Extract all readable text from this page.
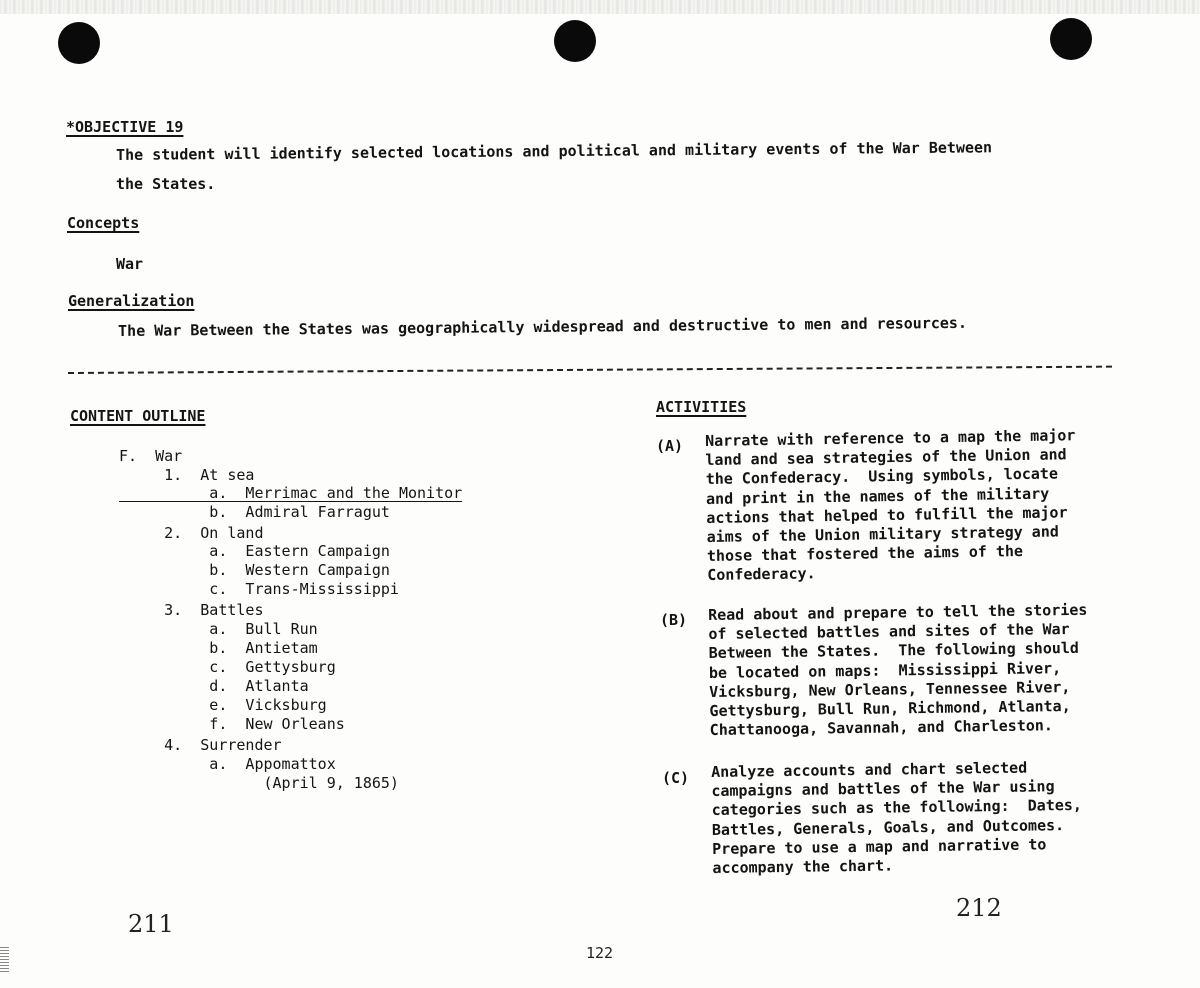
*OBJECTIVE 19
The student will identify selected locations and political and military events of the War Between
the States.
Concepts
War
Generalization
The War Between the States was geographically widespread and destructive to men and resources.
CONTENT OUTLINE
F.  War
1.  At sea
a.  Merrimac and the Monitor
b.  Admiral Farragut
2.  On land
a.  Eastern Campaign
b.  Western Campaign
c.  Trans-Mississippi
3.  Battles
a.  Bull Run
b.  Antietam
c.  Gettysburg
d.  Atlanta
e.  Vicksburg
f.  New Orleans
4.  Surrender
a.  Appomattox
(April 9, 1865)
ACTIVITIES
(A) Narrate with reference to a map the major
land and sea strategies of the Union and
the Confederacy.  Using symbols, locate
and print in the names of the military
actions that helped to fulfill the major
aims of the Union military strategy and
those that fostered the aims of the
Confederacy.
(B) Read about and prepare to tell the stories
of selected battles and sites of the War
Between the States.  The following should
be located on maps:  Mississippi River,
Vicksburg, New Orleans, Tennessee River,
Gettysburg, Bull Run, Richmond, Atlanta,
Chattanooga, Savannah, and Charleston.
(C) Analyze accounts and chart selected
campaigns and battles of the War using
categories such as the following:  Dates,
Battles, Generals, Goals, and Outcomes.
Prepare to use a map and narrative to
accompany the chart.
211
212
122
